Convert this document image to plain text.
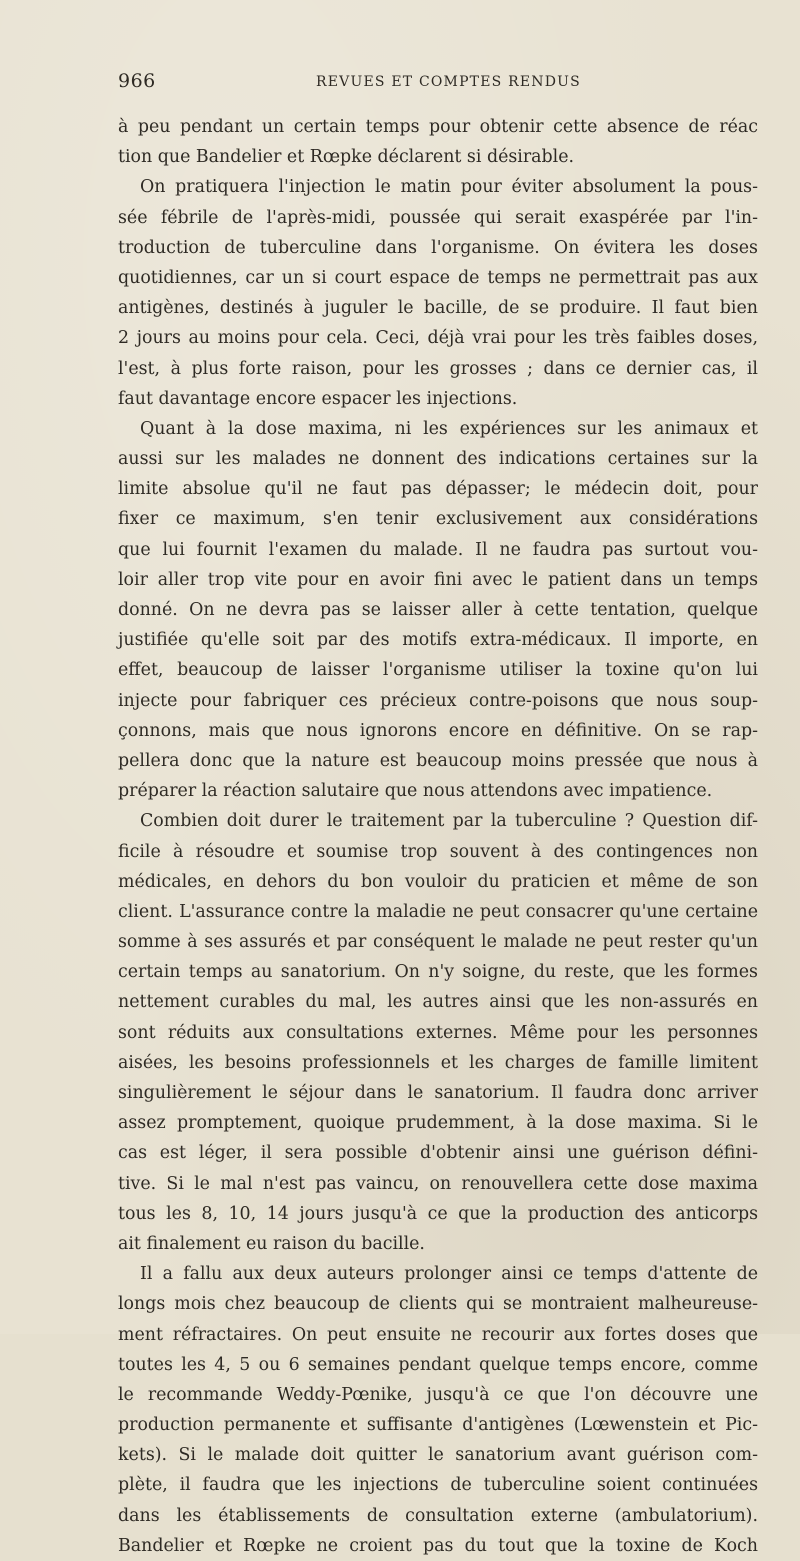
966	REVUES ET COMPTES RENDUS
à peu pendant un certain temps pour obtenir cette absence de réac
tion que Bandelier et Rœpke déclarent si désirable.
On pratiquera l'injection le matin pour éviter absolument la pous-
sée fébrile de l'après-midi, poussée qui serait exaspérée par l'in-
troduction de tuberculine dans l'organisme. On évitera les doses
quotidiennes, car un si court espace de temps ne permettrait pas aux
antigènes, destinés à juguler le bacille, de se produire. Il faut bien
2 jours au moins pour cela. Ceci, déjà vrai pour les très faibles doses,
l'est, à plus forte raison, pour les grosses ; dans ce dernier cas, il
faut davantage encore espacer les injections.
Quant à la dose maxima, ni les expériences sur les animaux et
aussi sur les malades ne donnent des indications certaines sur la
limite absolue qu'il ne faut pas dépasser; le médecin doit, pour
fixer ce maximum, s'en tenir exclusivement aux considérations
que lui fournit l'examen du malade. Il ne faudra pas surtout vou-
loir aller trop vite pour en avoir fini avec le patient dans un temps
donné. On ne devra pas se laisser aller à cette tentation, quelque
justifiée qu'elle soit par des motifs extra-médicaux. Il importe, en
effet, beaucoup de laisser l'organisme utiliser la toxine qu'on lui
injecte pour fabriquer ces précieux contre-poisons que nous soup-
çonnons, mais que nous ignorons encore en définitive. On se rap-
pellera donc que la nature est beaucoup moins pressée que nous à
préparer la réaction salutaire que nous attendons avec impatience.
Combien doit durer le traitement par la tuberculine ? Question dif-
ficile à résoudre et soumise trop souvent à des contingences non
médicales, en dehors du bon vouloir du praticien et même de son
client. L'assurance contre la maladie ne peut consacrer qu'une certaine
somme à ses assurés et par conséquent le malade ne peut rester qu'un
certain temps au sanatorium. On n'y soigne, du reste, que les formes
nettement curables du mal, les autres ainsi que les non-assurés en
sont réduits aux consultations externes. Même pour les personnes
aisées, les besoins professionnels et les charges de famille limitent
singulièrement le séjour dans le sanatorium. Il faudra donc arriver
assez promptement, quoique prudemment, à la dose maxima. Si le
cas est léger, il sera possible d'obtenir ainsi une guérison défini-
tive. Si le mal n'est pas vaincu, on renouvellera cette dose maxima
tous les 8, 10, 14 jours jusqu'à ce que la production des anticorps
ait finalement eu raison du bacille.
Il a fallu aux deux auteurs prolonger ainsi ce temps d'attente de
longs mois chez beaucoup de clients qui se montraient malheureuse-
ment réfractaires. On peut ensuite ne recourir aux fortes doses que
toutes les 4, 5 ou 6 semaines pendant quelque temps encore, comme
le recommande Weddy-Pœnike, jusqu'à ce que l'on découvre une
production permanente et suffisante d'antigènes (Lœwenstein et Pic-
kets). Si le malade doit quitter le sanatorium avant guérison com-
plète, il faudra que les injections de tuberculine soient continuées
dans les établissements de consultation externe (ambulatorium).
Bandelier et Rœpke ne croient pas du tout que la toxine de Koch
